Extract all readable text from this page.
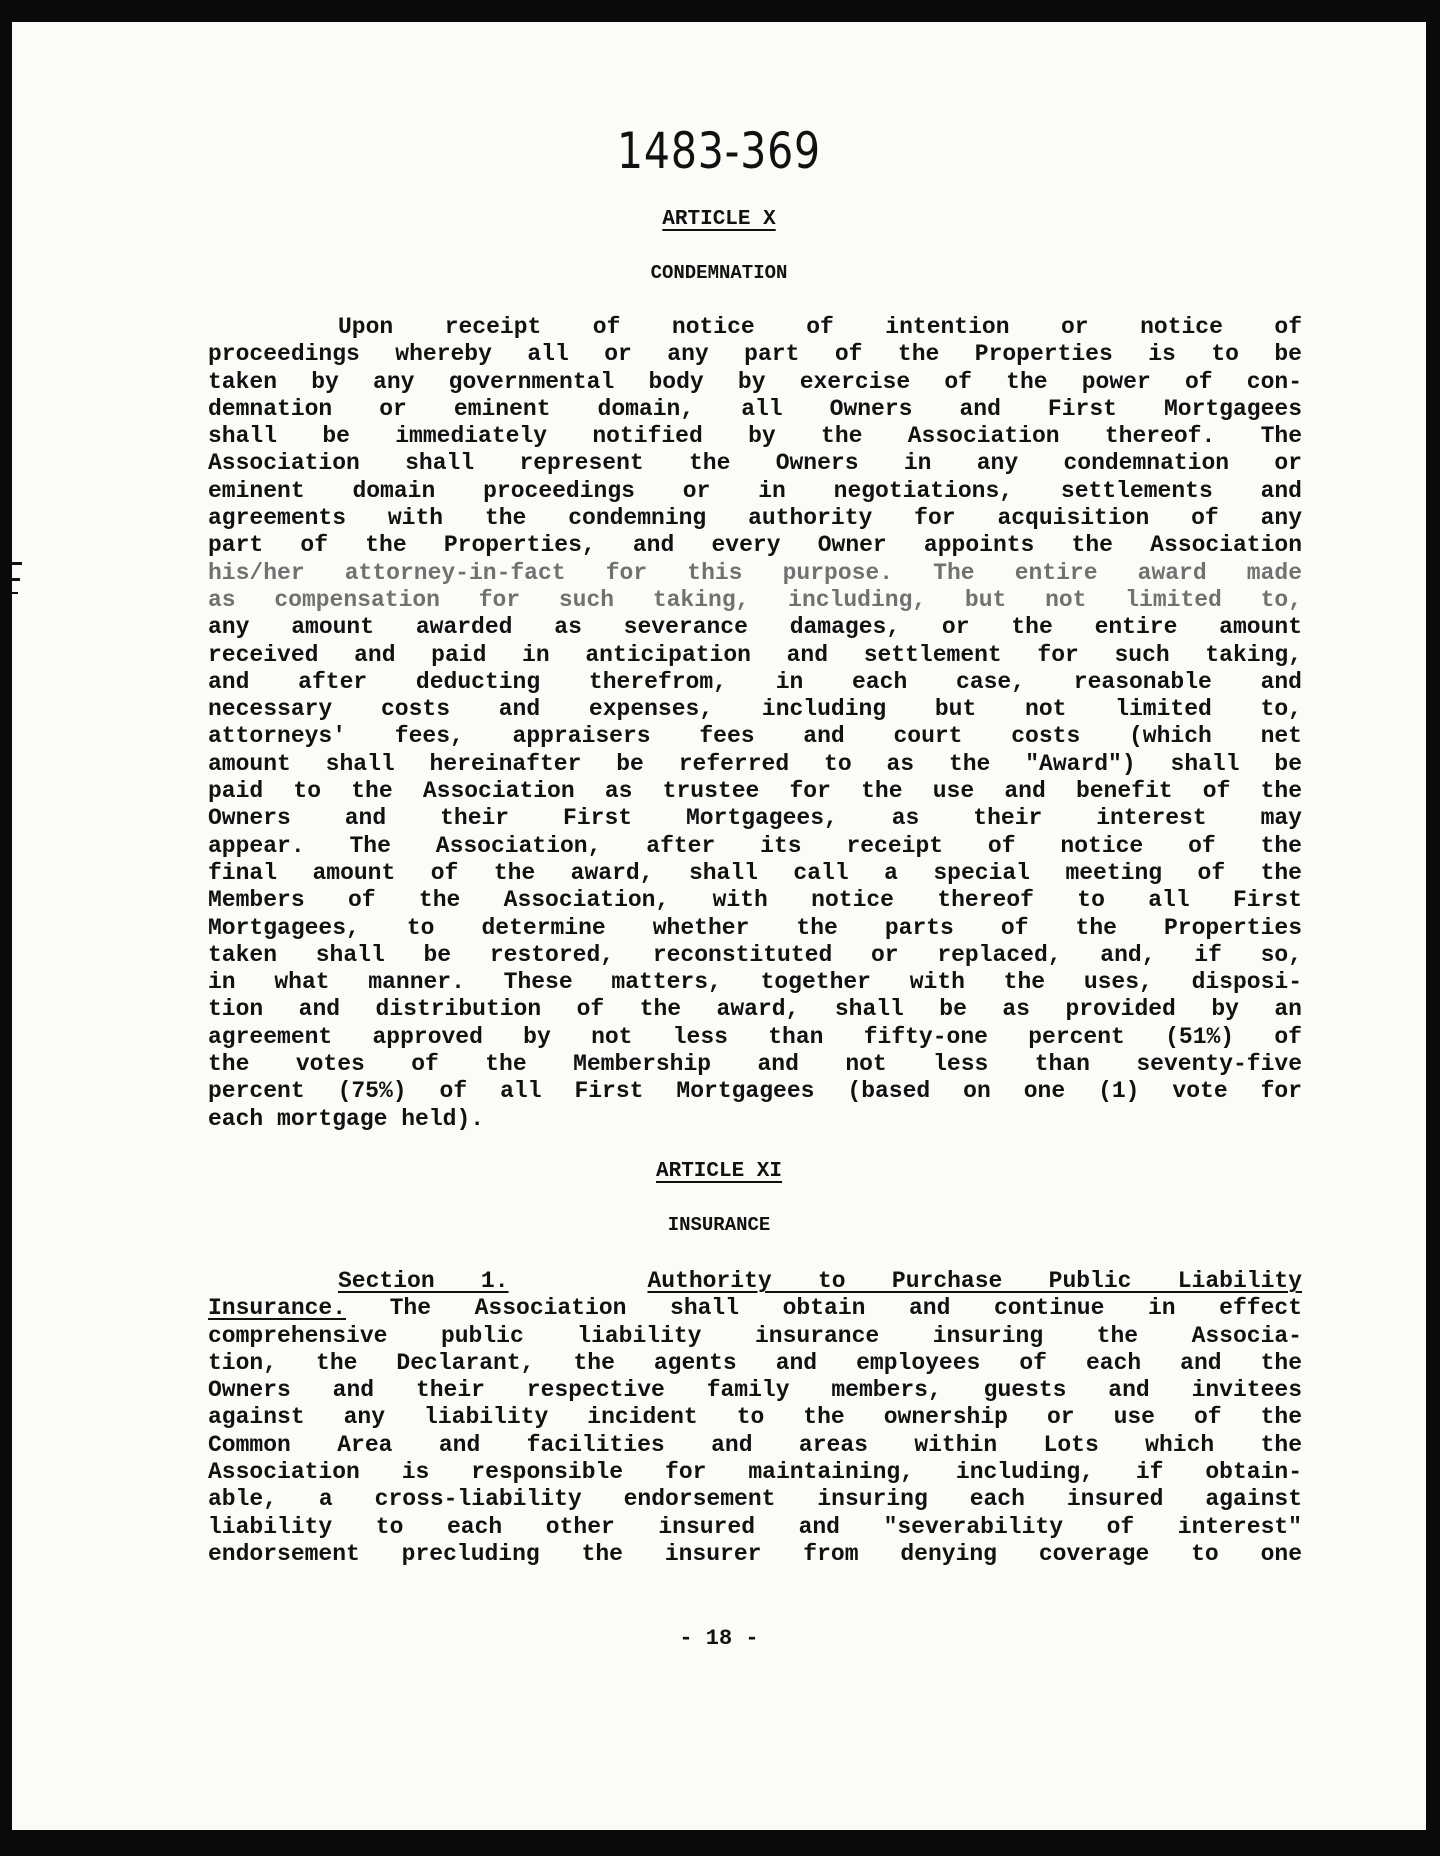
1483-369
ARTICLE X
CONDEMNATION
Upon receipt of notice of intention or notice of
proceedings whereby all or any part of the Properties is to be
taken by any governmental body by exercise of the power of con-
demnation or eminent domain, all Owners and First Mortgagees
shall be immediately notified by the Association thereof. The
Association shall represent the Owners in any condemnation or
eminent domain proceedings or in negotiations, settlements and
agreements with the condemning authority for acquisition of any
part of the Properties, and every Owner appoints the Association
his/her attorney-in-fact for this purpose. The entire award made
as compensation for such taking, including, but not limited to,
any amount awarded as severance damages, or the entire amount
received and paid in anticipation and settlement for such taking,
and after deducting therefrom, in each case, reasonable and
necessary costs and expenses, including but not limited to,
attorneys' fees, appraisers fees and court costs (which net
amount shall hereinafter be referred to as the "Award") shall be
paid to the Association as trustee for the use and benefit of the
Owners and their First Mortgagees, as their interest may
appear. The Association, after its receipt of notice of the
final amount of the award, shall call a special meeting of the
Members of the Association, with notice thereof to all First
Mortgagees, to determine whether the parts of the Properties
taken shall be restored, reconstituted or replaced, and, if so,
in what manner. These matters, together with the uses, disposi-
tion and distribution of the award, shall be as provided by an
agreement approved by not less than fifty-one percent (51%) of
the votes of the Membership and not less than seventy-five
percent (75%) of all First Mortgagees (based on one (1) vote for
each mortgage held).
ARTICLE XI
INSURANCE
Section 1.	Authority to Purchase Public Liability
Insurance. The Association shall obtain and continue in effect
comprehensive public liability insurance insuring the Associa-
tion, the Declarant, the agents and employees of each and the
Owners and their respective family members, guests and invitees
against any liability incident to the ownership or use of the
Common Area and facilities and areas within Lots which the
Association is responsible for maintaining, including, if obtain-
able, a cross-liability endorsement insuring each insured against
liability to each other insured and "severability of interest"
endorsement precluding the insurer from denying coverage to one
- 18 -
